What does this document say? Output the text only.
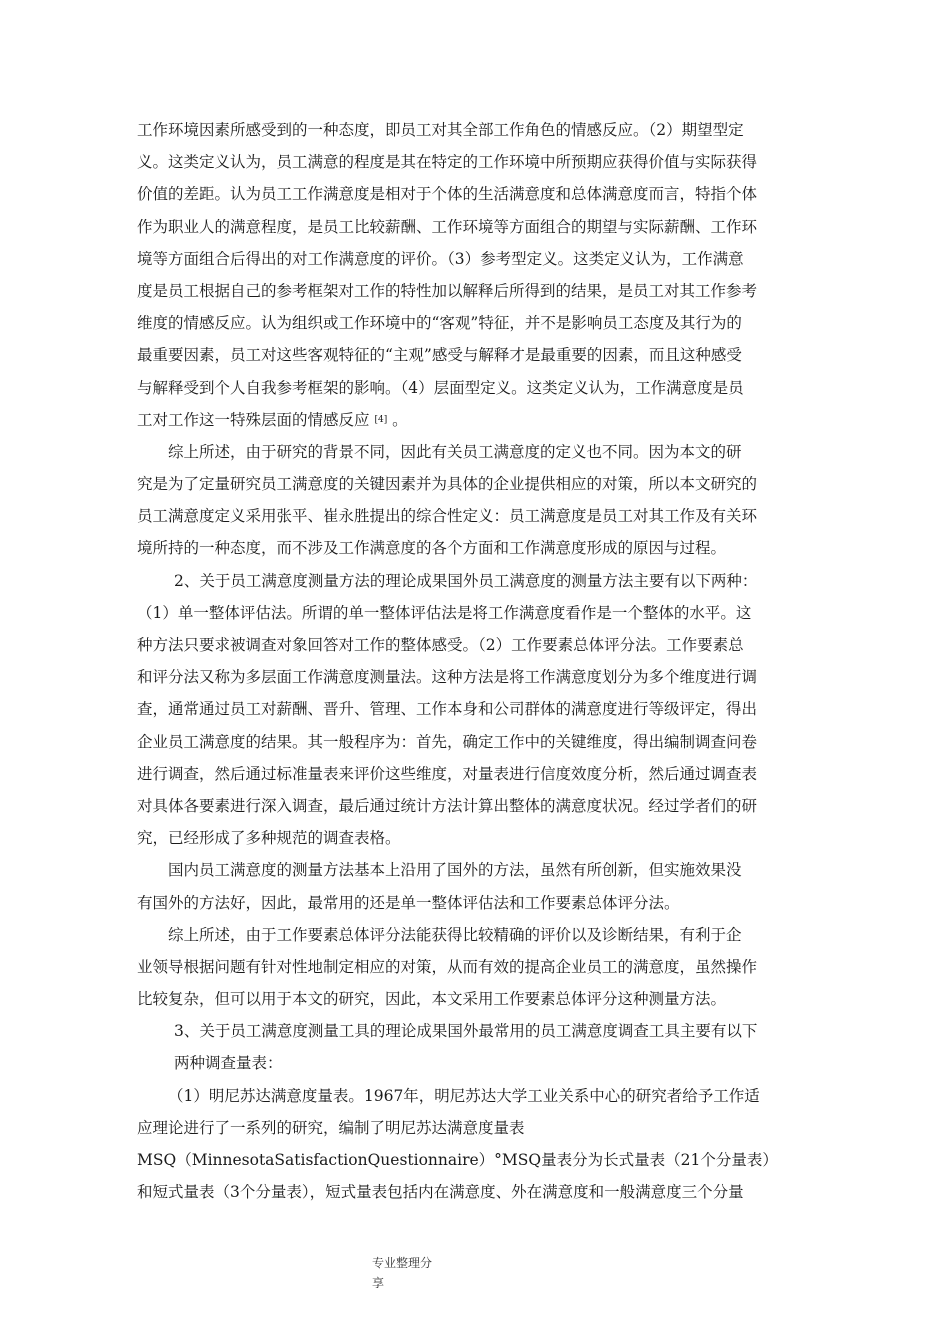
工作环境因素所感受到的一种态度，即员工对其全部工作角色的情感反应。（2）期望型定
义。这类定义认为，员工满意的程度是其在特定的工作环境中所预期应获得价值与实际获得
价值的差距。认为员工工作满意度是相对于个体的生活满意度和总体满意度而言，特指个体
作为职业人的满意程度，是员工比较薪酬、工作环境等方面组合的期望与实际薪酬、工作环
境等方面组合后得出的对工作满意度的评价。（3）参考型定义。这类定义认为，工作满意
度是员工根据自己的参考框架对工作的特性加以解释后所得到的结果，是员工对其工作参考
维度的情感反应。认为组织或工作环境中的“客观”特征，并不是影响员工态度及其行为的
最重要因素，员工对这些客观特征的“主观”感受与解释才是最重要的因素，而且这种感受
与解释受到个人自我参考框架的影响。（4）层面型定义。这类定义认为，工作满意度是员
工对工作这一特殊层面的情感反应 [4] 。
综上所述，由于研究的背景不同，因此有关员工满意度的定义也不同。因为本文的研
究是为了定量研究员工满意度的关键因素并为具体的企业提供相应的对策，所以本文研究的
员工满意度定义采用张平、崔永胜提出的综合性定义：员工满意度是员工对其工作及有关环
境所持的一种态度，而不涉及工作满意度的各个方面和工作满意度形成的原因与过程。
2、关于员工满意度测量方法的理论成果国外员工满意度的测量方法主要有以下两种：
（1）单一整体评估法。所谓的单一整体评估法是将工作满意度看作是一个整体的水平。这
种方法只要求被调查对象回答对工作的整体感受。（2）工作要素总体评分法。工作要素总
和评分法又称为多层面工作满意度测量法。这种方法是将工作满意度划分为多个维度进行调
查，通常通过员工对薪酬、晋升、管理、工作本身和公司群体的满意度进行等级评定，得出
企业员工满意度的结果。其一般程序为：首先，确定工作中的关键维度，得出编制调查问卷
进行调查，然后通过标准量表来评价这些维度，对量表进行信度效度分析，然后通过调查表
对具体各要素进行深入调查，最后通过统计方法计算出整体的满意度状况。经过学者们的研
究，已经形成了多种规范的调查表格。
国内员工满意度的测量方法基本上沿用了国外的方法，虽然有所创新，但实施效果没
有国外的方法好，因此，最常用的还是单一整体评估法和工作要素总体评分法。
综上所述，由于工作要素总体评分法能获得比较精确的评价以及诊断结果，有利于企
业领导根据问题有针对性地制定相应的对策，从而有效的提高企业员工的满意度，虽然操作
比较复杂，但可以用于本文的研究，因此，本文采用工作要素总体评分这种测量方法。
3、关于员工满意度测量工具的理论成果国外最常用的员工满意度调查工具主要有以下
两种调查量表：
（1）明尼苏达满意度量表。1967年，明尼苏达大学工业关系中心的研究者给予工作适
应理论进行了一系列的研究，编制了明尼苏达满意度量表
MSQ（MinnesotaSatisfactionQuestionnaire）°MSQ量表分为长式量表（21个分量表）
和短式量表（3个分量表），短式量表包括内在满意度、外在满意度和一般满意度三个分量
专业整理分
享
